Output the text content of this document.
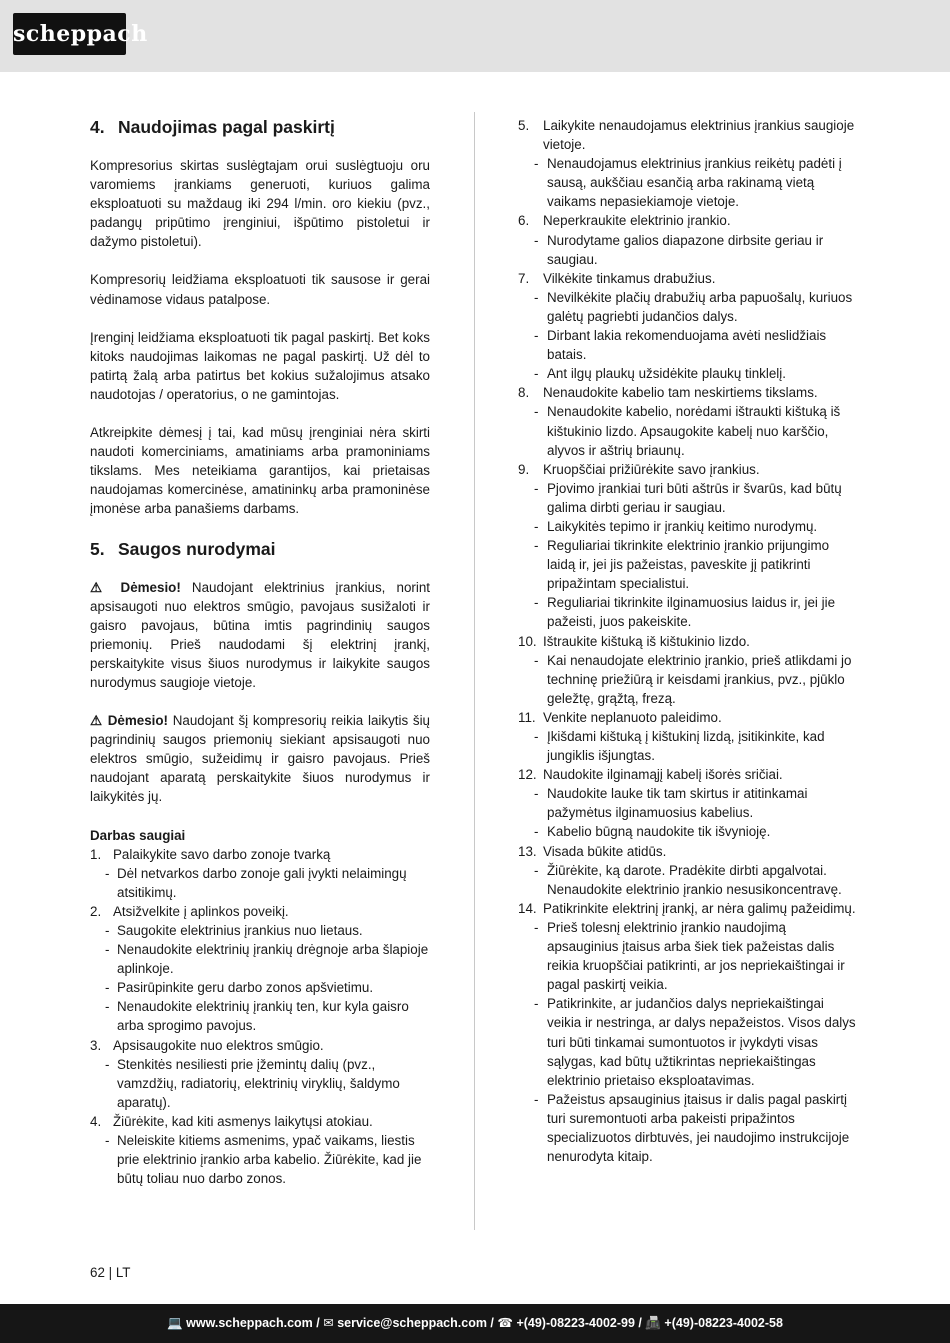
scheppach
4. Naudojimas pagal paskirtį

Kompresorius skirtas suslėgtajam orui suslėgtuoju oru varomiems įrankiams generuoti, kuriuos galima eksploatuoti su maždaug iki 294 l/min. oro kiekiu (pvz., padangų pripūtimo įrenginiui, išpūtimo pistoletui ir dažymo pistoletui).

Kompresorių leidžiama eksploatuoti tik sausose ir gerai vėdinamose vidaus patalpose.

Įrenginį leidžiama eksploatuoti tik pagal paskirtį. Bet koks kitoks naudojimas laikomas ne pagal paskirtį. Už dėl to patirtą žalą arba patirtus bet kokius sužalojimus atsako naudotojas / operatorius, o ne gamintojas.

Atkreipkite dėmesį į tai, kad mūsų įrenginiai nėra skirti naudoti komerciniams, amatiniams arba pramoniniams tikslams. Mes neteikiama garantijos, kai prietaisas naudojamas komercinėse, amatininkų arba pramoninėse įmonėse arba panašiems darbams.

5. Saugos nurodymai

⚠ Dėmesio! Naudojant elektrinius įrankius, norint apsisaugoti nuo elektros smūgio, pavojaus susižaloti ir gaisro pavojaus, būtina imtis pagrindinių saugos priemonių. Prieš naudodami šį elektrinį įrankį, perskaitykite visus šiuos nurodymus ir laikykite saugos nurodymus saugioje vietoje.

⚠ Dėmesio! Naudojant šį kompresorių reikia laikytis šių pagrindinių saugos priemonių siekiant apsisaugoti nuo elektros smūgio, sužeidimų ir gaisro pavojaus. Prieš naudojant aparatą perskaitykite šiuos nurodymus ir laikykitės jų.

Darbas saugiai
1. Palaikykite savo darbo zonoje tvarką
- Dėl netvarkos darbo zonoje gali įvykti nelaimingų atsitikimų.
2. Atsižvelkite į aplinkos poveikį.
- Saugokite elektrinius įrankius nuo lietaus.
- Nenaudokite elektrinių įrankių drėgnoje arba šlapioje aplinkoje.
- Pasirūpinkite geru darbo zonos apšvietimu.
- Nenaudokite elektrinių įrankių ten, kur kyla gaisro arba sprogimo pavojus.
3. Apsisaugokite nuo elektros smūgio.
- Stenkitės nesiliesti prie įžemintų dalių (pvz., vamzdžių, radiatorių, elektrinių viryklių, šaldymo aparatų).
4. Žiūrėkite, kad kiti asmenys laikytųsi atokiau.
- Neleiskite kitiems asmenims, ypač vaikams, liestis prie elektrinio įrankio arba kabelio. Žiūrėkite, kad jie būtų toliau nuo darbo zonos.
5. Laikykite nenaudojamus elektrinius įrankius saugioje vietoje.
- Nenaudojamus elektrinius įrankius reikėtų padėti į sausą, aukščiau esančią arba rakinamą vietą vaikams nepasiekiamoje vietoje.
6. Neperkraukite elektrinio įrankio.
- Nurodytame galios diapazone dirbsite geriau ir saugiau.
7. Vilkėkite tinkamus drabužius.
- Nevilkėkite plačių drabužių arba papuošalų, kuriuos galėtų pagriebti judančios dalys.
- Dirbant lakia rekomenduojama avėti neslidžiais batais.
- Ant ilgų plaukų užsidėkite plaukų tinklelį.
8. Nenaudokite kabelio tam neskirtiems tikslams.
- Nenaudokite kabelio, norėdami ištraukti kištuką iš kištukinio lizdo. Apsaugokite kabelį nuo karščio, alyvos ir aštrių briaunų.
9. Kruopščiai prižiūrėkite savo įrankius.
- Pjovimo įrankiai turi būti aštrūs ir švarūs, kad būtų galima dirbti geriau ir saugiau.
- Laikykitės tepimo ir įrankių keitimo nurodymų.
- Reguliariai tikrinkite elektrinio įrankio prijungimo laidą ir, jei jis pažeistas, paveskite jį patikrinti pripažintam specialistui.
- Reguliariai tikrinkite ilginamuosius laidus ir, jei jie pažeisti, juos pakeiskite.
10. Ištraukite kištuką iš kištukinio lizdo.
- Kai nenaudojate elektrinio įrankio, prieš atlikdami jo techninę priežiūrą ir keisdami įrankius, pvz., pjūklo geležtę, grąžtą, frezą.
11. Venkite neplanuoto paleidimo.
- Įkišdami kištuką į kištukinį lizdą, įsitikinkite, kad jungiklis išjungtas.
12. Naudokite ilginamąjį kabelį išorės sričiai.
- Naudokite lauke tik tam skirtus ir atitinkamai pažymėtus ilginamuosius kabelius.
- Kabelio būgną naudokite tik išvynioję.
13. Visada būkite atidūs.
- Žiūrėkite, ką darote. Pradėkite dirbti apgalvotai. Nenaudokite elektrinio įrankio nesusikoncentravę.
14. Patikrinkite elektrinį įrankį, ar nėra galimų pažeidimų.
- Prieš tolesnį elektrinio įrankio naudojimą apsauginius įtaisus arba šiek tiek pažeistas dalis reikia kruopščiai patikrinti, ar jos nepriekaištingai ir pagal paskirtį veikia.
- Patikrinkite, ar judančios dalys nepriekaištingai veikia ir nestringa, ar dalys nepažeistos. Visos dalys turi būti tinkamai sumontuotos ir įvykdyti visas sąlygas, kad būtų užtikrintas nepriekaištingas elektrinio prietaiso eksploatavimas.
- Pažeistus apsauginius įtaisus ir dalis pagal paskirtį turi suremontuoti arba pakeisti pripažintos specializuotos dirbtuvės, jei naudojimo instrukcijoje nenurodyta kitaip.
62 | LT
💻 www.scheppach.com / ✉ service@scheppach.com / ☎ +(49)-08223-4002-99 / 📠 +(49)-08223-4002-58
